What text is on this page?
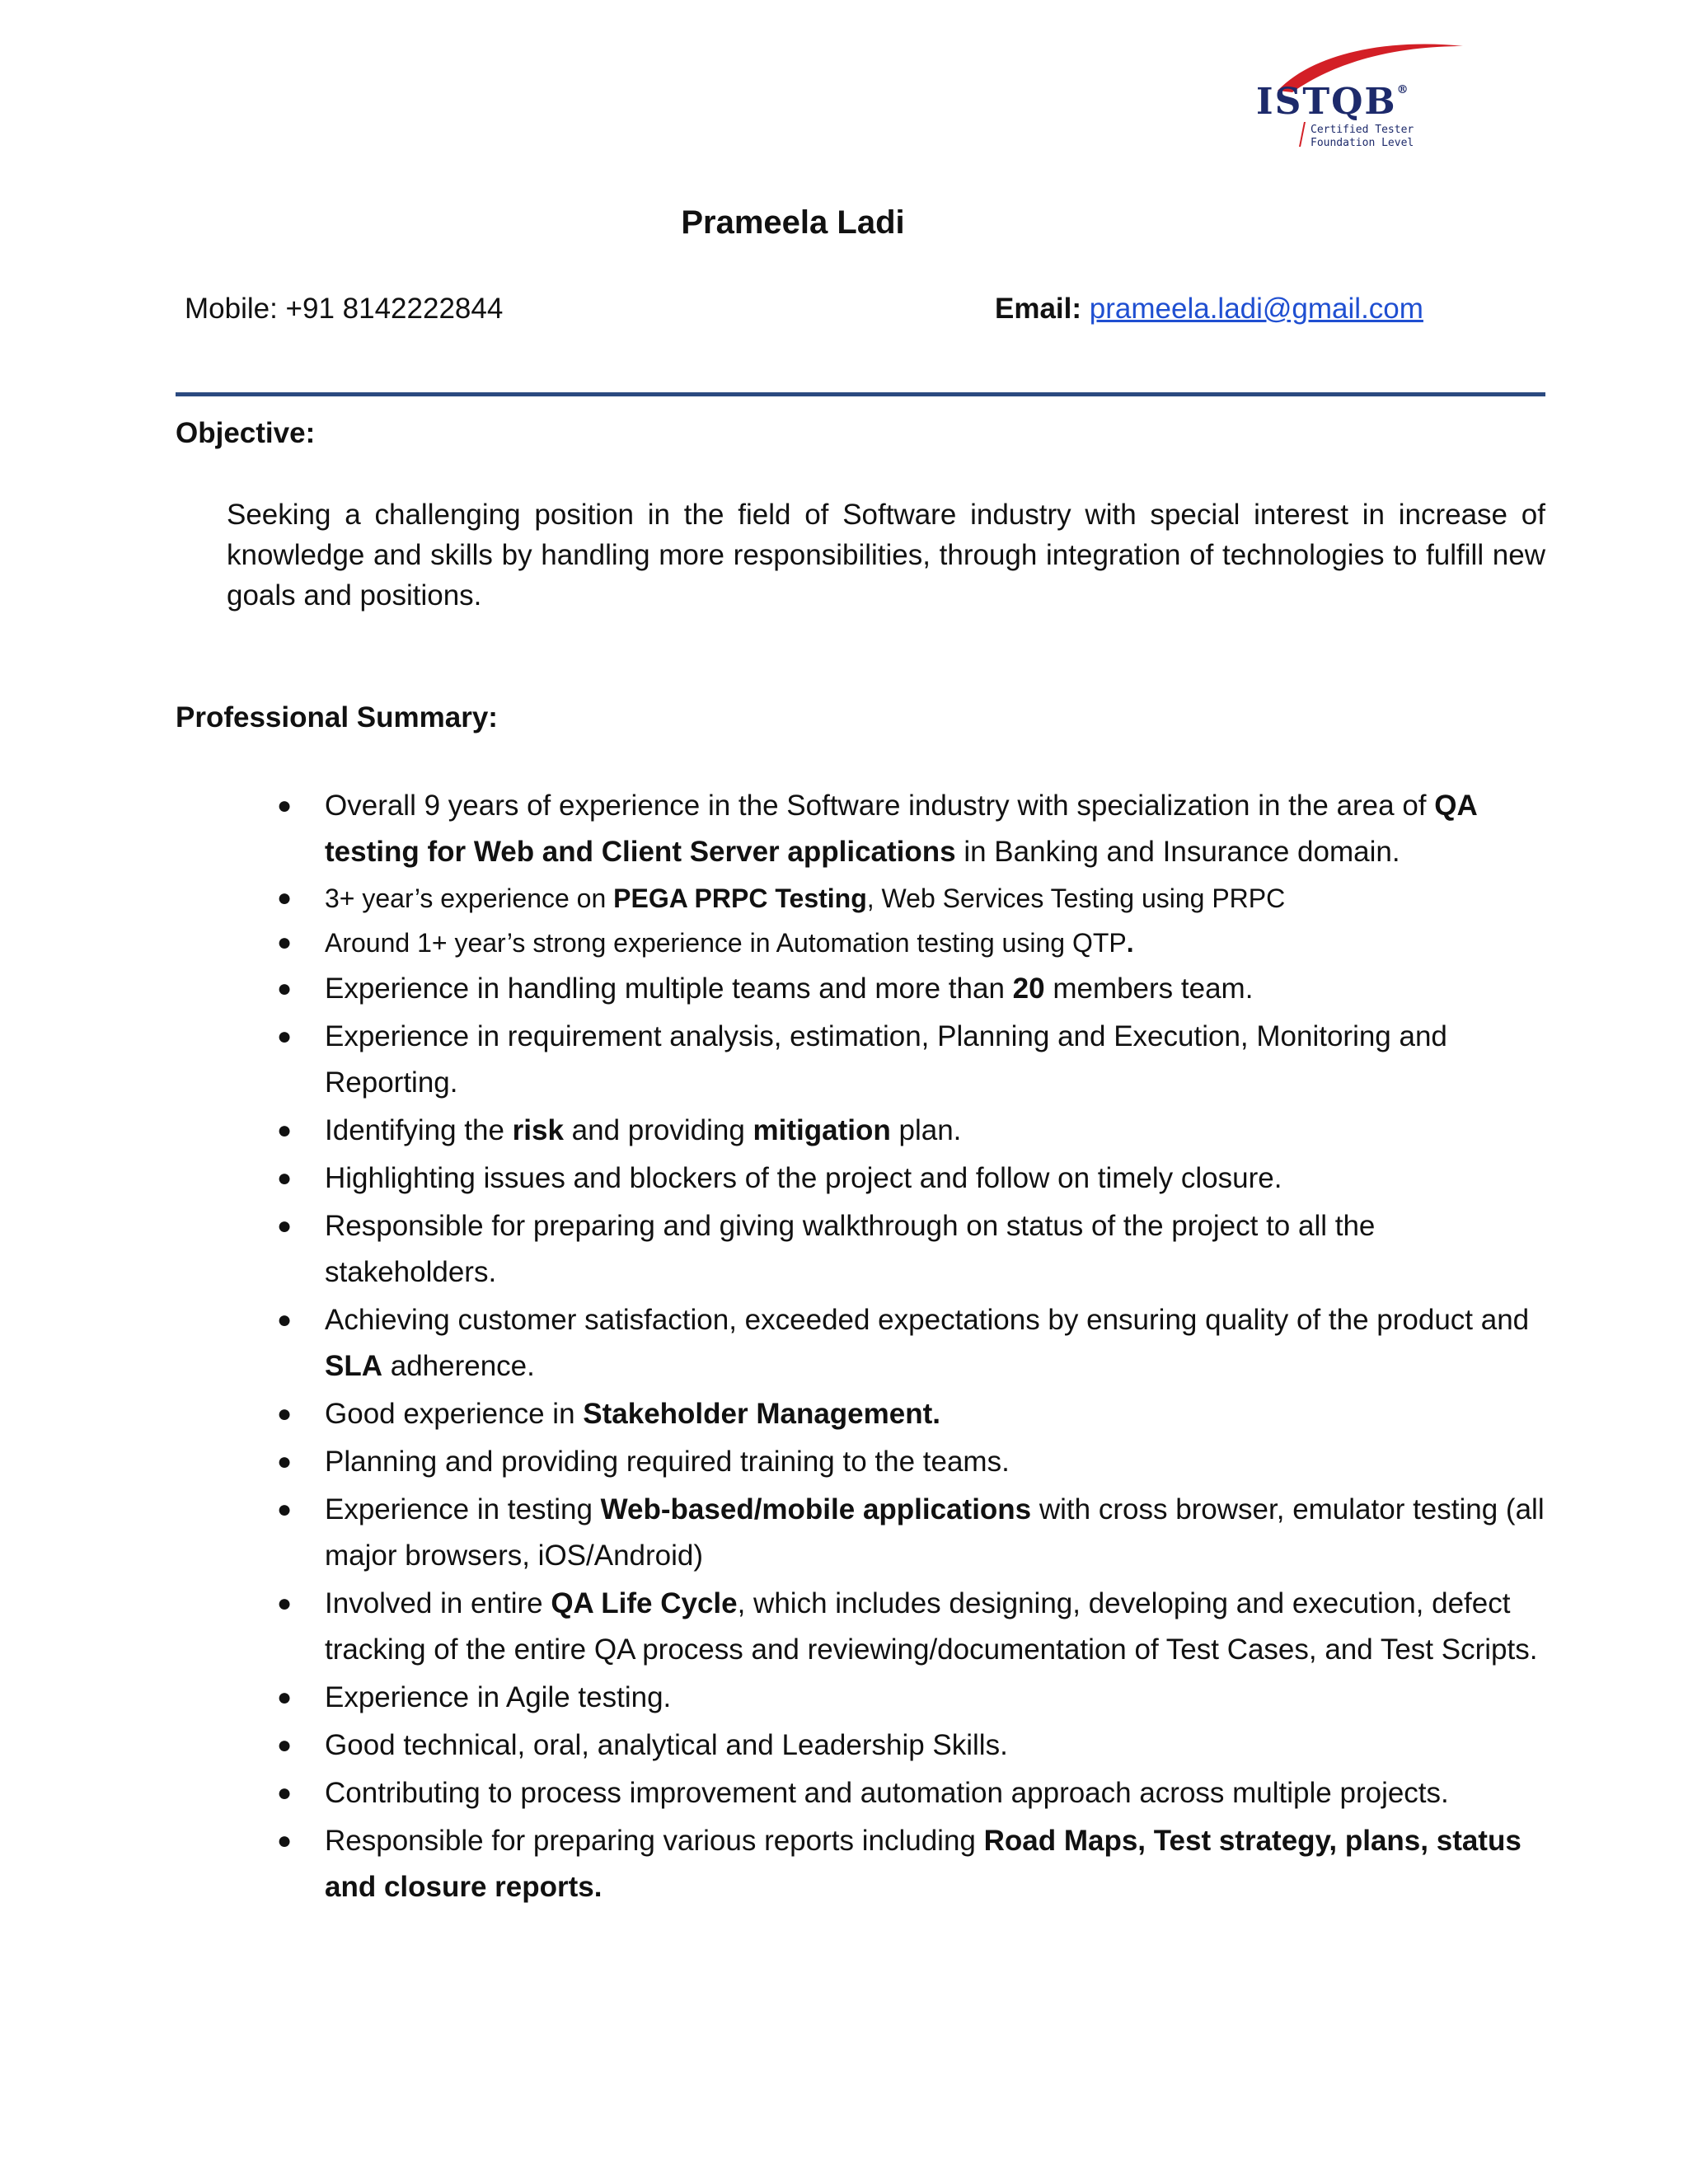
ISTQB®
Certified Tester
Foundation Level
Prameela Ladi
Mobile: +91 8142222844	Email: prameela.ladi@gmail.com
Objective:
Seeking a challenging position in the field of Software industry with special interest in increase of knowledge and skills by handling more responsibilities, through integration of technologies to fulfill new goals and positions.
Professional Summary:
● Overall 9 years of experience in the Software industry with specialization in the area of QA testing for Web and Client Server applications in Banking and Insurance domain.
● 3+ year’s experience on PEGA PRPC Testing, Web Services Testing using PRPC
● Around 1+ year’s strong experience in Automation testing using QTP.
● Experience in handling multiple teams and more than 20 members team.
● Experience in requirement analysis, estimation, Planning and Execution, Monitoring and Reporting.
● Identifying the risk and providing mitigation plan.
● Highlighting issues and blockers of the project and follow on timely closure.
● Responsible for preparing and giving walkthrough on status of the project to all the stakeholders.
● Achieving customer satisfaction, exceeded expectations by ensuring quality of the product and SLA adherence.
● Good experience in Stakeholder Management.
● Planning and providing required training to the teams.
● Experience in testing Web-based/mobile applications with cross browser, emulator testing (all major browsers, iOS/Android)
● Involved in entire QA Life Cycle, which includes designing, developing and execution, defect tracking of the entire QA process and reviewing/documentation of Test Cases, and Test Scripts.
● Experience in Agile testing.
● Good technical, oral, analytical and Leadership Skills.
● Contributing to process improvement and automation approach across multiple projects.
● Responsible for preparing various reports including Road Maps, Test strategy, plans, status and closure reports.
